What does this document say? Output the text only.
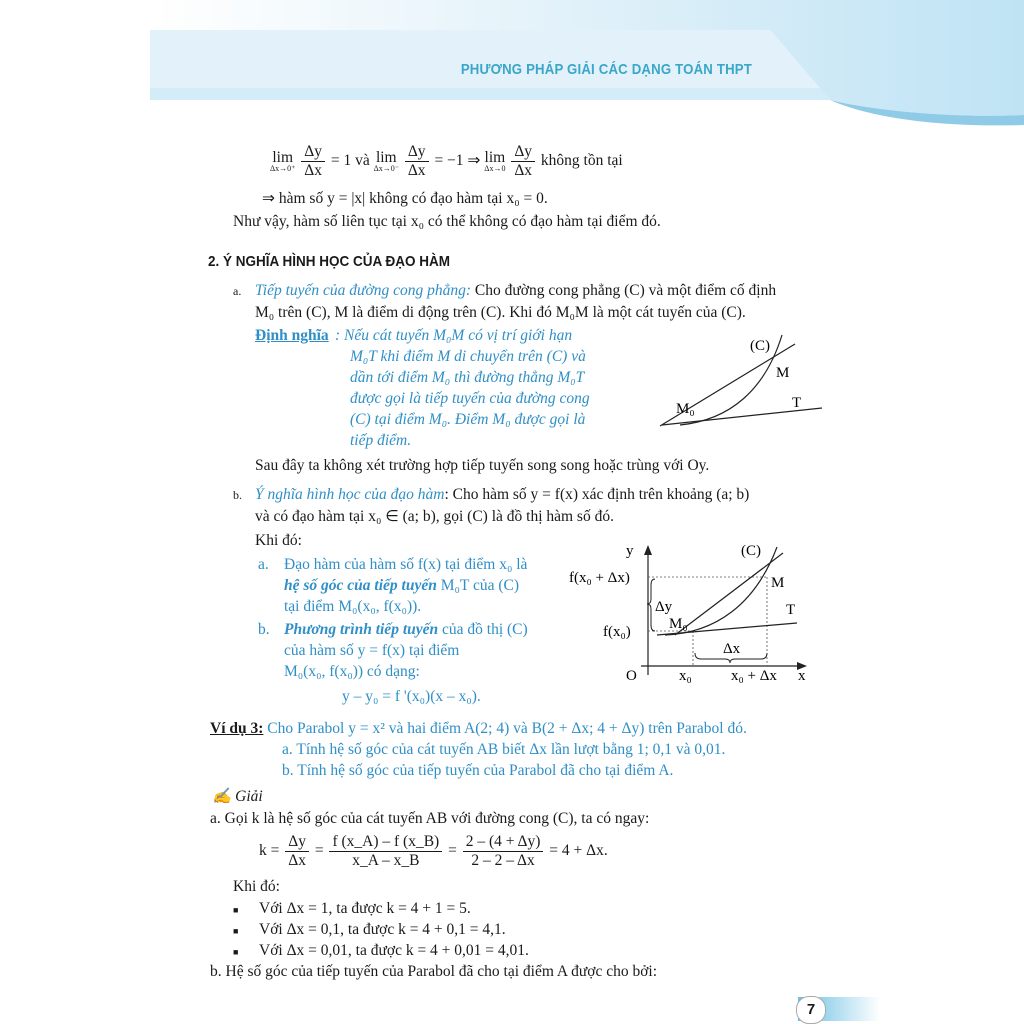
PHƯƠNG PHÁP GIẢI CÁC DẠNG TOÁN THPT
lim
Δx→0⁺
$\frac{\Delta y}{\Delta x} = 1$ và lim
Δx→0⁻
$\frac{\Delta y}{\Delta x} = -1$ ⇒ lim
Δx→0
$\frac{\Delta y}{\Delta x}$ không tồn tại
⇒ hàm số y = |x| không có đạo hàm tại x₀ = 0.
Như vậy, hàm số liên tục tại x₀ có thể không có đạo hàm tại điểm đó.
2. Ý NGHĨA HÌNH HỌC CỦA ĐẠO HÀM
a. Tiếp tuyến của đường cong phẳng: Cho đường cong phẳng (C) và một điểm cố định
M₀ trên (C), M là điểm di động trên (C). Khi đó M₀M là một cát tuyến của (C).
Định nghĩa : Nếu cát tuyến M₀M có vị trí giới hạn
M₀T khi điểm M di chuyển trên (C) và
dần tới điểm M₀ thì đường thẳng M₀T
được gọi là tiếp tuyến của đường cong
(C) tại điểm M₀. Điểm M₀ được gọi là
tiếp điểm.
(C)
M
T
M₀
Sau đây ta không xét trường hợp tiếp tuyến song song hoặc trùng với Oy.
b. Ý nghĩa hình học của đạo hàm: Cho hàm số y = f(x) xác định trên khoảng (a; b)
và có đạo hàm tại x₀ ∈ (a; b), gọi (C) là đồ thị hàm số đó.
Khi đó:
a. Đạo hàm của hàm số f(x) tại điểm x₀ là
hệ số góc của tiếp tuyến M₀T của (C)
tại điểm M₀(x₀, f(x₀)).
b. Phương trình tiếp tuyến của đồ thị (C)
của hàm số y = f(x) tại điểm
M₀(x₀, f(x₀)) có dạng:
y – y₀ = f '(x₀)(x – x₀).
y	(C)
f(x₀ + Δx)	M
Δy	T
f(x₀)	M₀
Δx
O	x₀	x₀ + Δx x
Ví dụ 3: Cho Parabol y = x² và hai điểm A(2; 4) và B(2 + Δx; 4 + Δy) trên Parabol đó.
a. Tính hệ số góc của cát tuyến AB biết Δx lần lượt bằng 1; 0,1 và 0,01.
b. Tính hệ số góc của tiếp tuyến của Parabol đã cho tại điểm A.
✍ Giải
a. Gọi k là hệ số góc của cát tuyến AB với đường cong (C), ta có ngay:
$k = \frac{\Delta y}{\Delta x} = \frac{f (x\_A) - f (x\_B)}{x\_A - x\_B} = \frac{2 - (4 + \Delta y)}{2 - 2 - \Delta x} = 4 + \Delta x$.
Khi đó:
■ Với Δx = 1, ta được k = 4 + 1 = 5.
■ Với Δx = 0,1, ta được k = 4 + 0,1 = 4,1.
■ Với Δx = 0,01, ta được k = 4 + 0,01 = 4,01.
b. Hệ số góc của tiếp tuyến của Parabol đã cho tại điểm A được cho bởi:
7
